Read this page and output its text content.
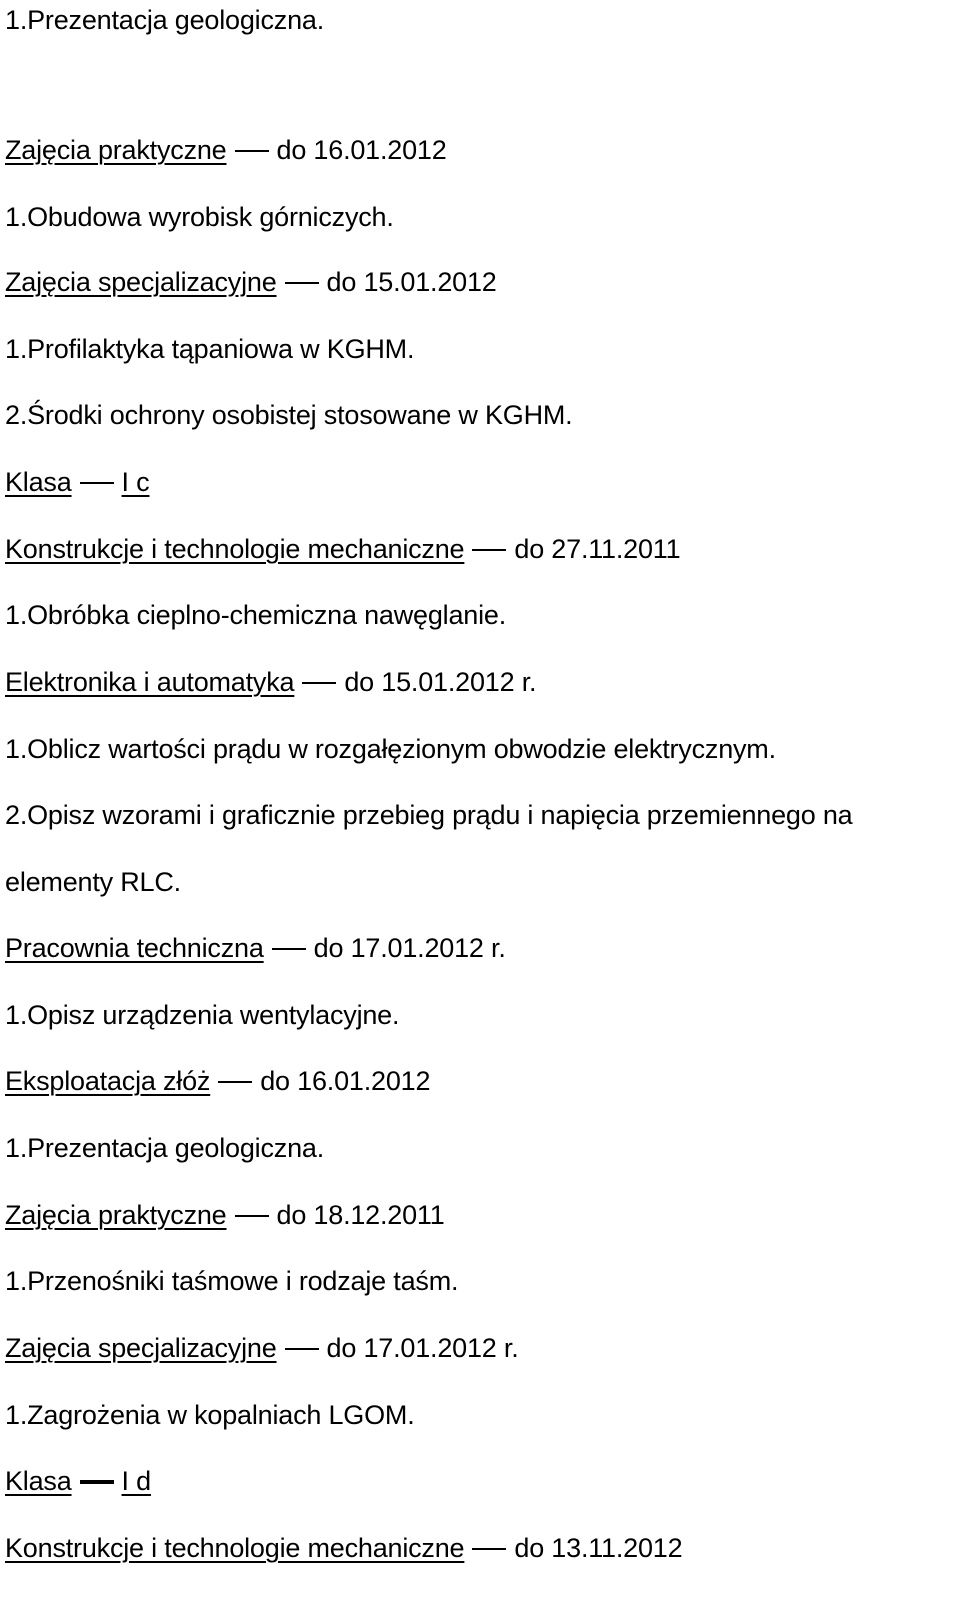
1.Prezentacja geologiczna.
Zajęcia praktyczne do 16.01.2012
1.Obudowa wyrobisk górniczych.
Zajęcia specjalizacyjne do 15.01.2012
1.Profilaktyka tąpaniowa w KGHM.
2.Środki ochrony osobistej stosowane w KGHM.
Klasa I c
Konstrukcje i technologie mechaniczne do 27.11.2011
1.Obróbka cieplno-chemiczna nawęglanie.
Elektronika i automatyka do 15.01.2012 r.
1.Oblicz wartości prądu w rozgałęzionym obwodzie elektrycznym.
2.Opisz wzorami i graficznie przebieg prądu i napięcia przemiennego na
elementy RLC.
Pracownia techniczna do 17.01.2012 r.
1.Opisz urządzenia wentylacyjne.
Eksploatacja złóż do 16.01.2012
1.Prezentacja geologiczna.
Zajęcia praktyczne do 18.12.2011
1.Przenośniki taśmowe i rodzaje taśm.
Zajęcia specjalizacyjne do 17.01.2012 r.
1.Zagrożenia w kopalniach LGOM.
Klasa I d
Konstrukcje i technologie mechaniczne do 13.11.2012
